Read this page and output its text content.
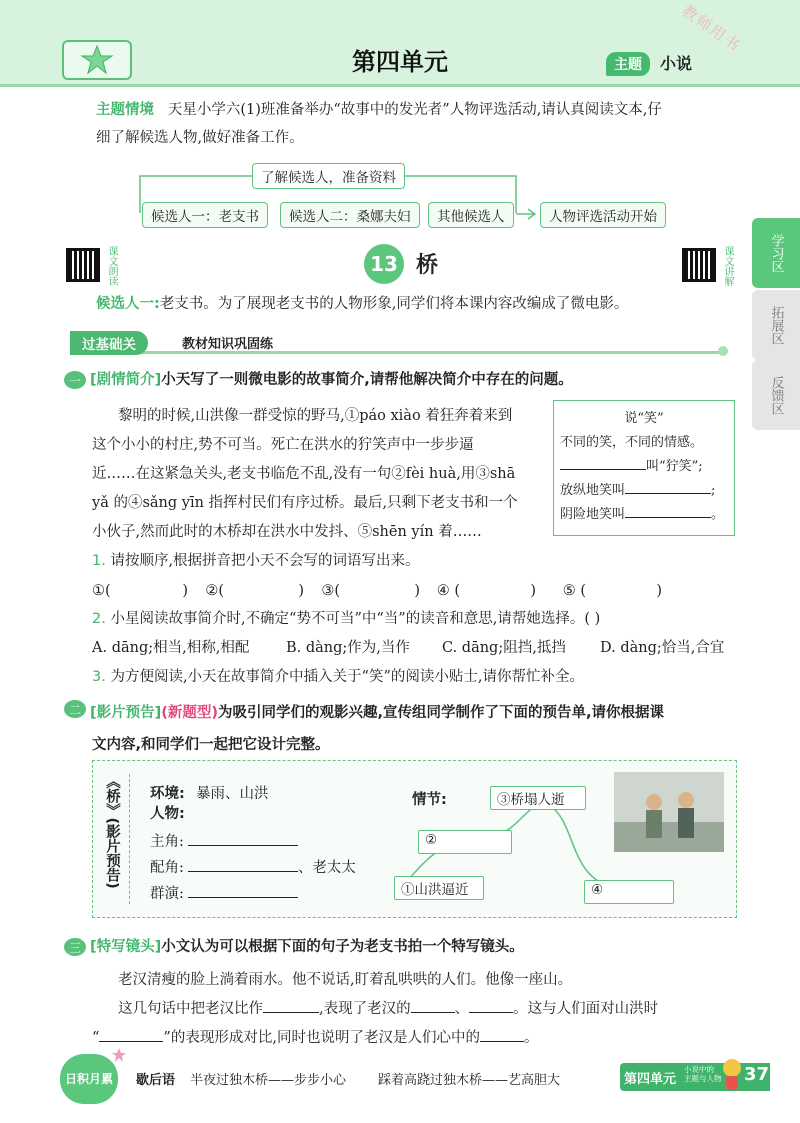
第四单元	主题	小说
教师用书
学习区
拓展区
反馈区
主题情境 天星小学六(1)班准备举办“故事中的发光者”人物评选活动,请认真阅读文本,仔
细了解候选人物,做好准备工作。
了解候选人，准备资料
候选人一：老支书	候选人二：桑娜夫妇	其他候选人	人物评选活动开始
课文朗读	13 桥	课文讲解
候选人一:老支书。为了展现老支书的人物形象,同学们将本课内容改编成了微电影。
过基础关	教材知识巩固练
一 [剧情简介]小天写了一则微电影的故事简介,请帮他解决简介中存在的问题。
黎明的时候,山洪像一群受惊的野马,①páo xiào 着狂奔着来到
这个小小的村庄,势不可当。死亡在洪水的狞笑声中一步步逼
近……在这紧急关头,老支书临危不乱,没有一句②fèi huà,用③shā
yǎ 的④sǎng yīn 指挥村民们有序过桥。最后,只剩下老支书和一个
小伙子,然而此时的木桥却在洪水中发抖、⑤shēn yín 着……
说“笑”
不同的笑，不同的情感。
叫“狞笑”;
放纵地笑叫	;
阴险地笑叫	。
1. 请按顺序,根据拼音把小天不会写的词语写出来。
①(	)	②(	)	③(	)	④ (	)	⑤ (	)
2. 小星阅读故事简介时,不确定“势不可当”中“当”的读音和意思,请帮她选择。( )
A. dāng;相当,相称,相配	B. dàng;作为,当作 C. dāng;阻挡,抵挡 D. dàng;恰当,合宜
3. 为方便阅读,小天在故事简介中插入关于“笑”的阅读小贴士,请你帮忙补全。
二 [影片预告](新题型)为吸引同学们的观影兴趣,宣传组同学制作了下面的预告单,请你根据课
文内容,和同学们一起把它设计完整。
《桥》(影片预告)	环境: 暴雨、山洪
人物:
主角:
配角:	、老太太
群演:
情节:	③桥塌人逝
②
①山洪逼近	④
三 [特写镜头]小文认为可以根据下面的句子为老支书拍一个特写镜头。
老汉清瘦的脸上淌着雨水。他不说话,盯着乱哄哄的人们。他像一座山。
这几句话中把老汉比作	,表现了老汉的	、	。这与人们面对山洪时
“	”的表现形成对比,同时也说明了老汉是人们心中的	。
日积月累	歇后语 半夜过独木桥——步步小心 踩着高跷过独木桥——艺高胆大	第四单元
小说中的
主题与人物 37
